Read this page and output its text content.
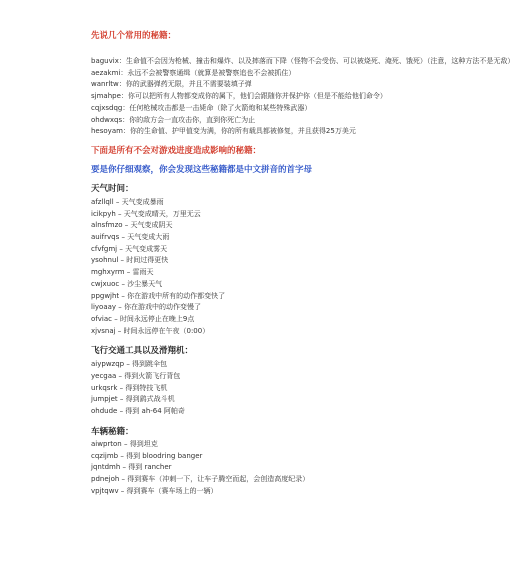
先说几个常用的秘籍：

baguvix：生命值不会因为枪械、撞击和爆炸、以及摔落而下降（怪物不会受伤、可以被烧死、淹死、饿死）（注意，这种方法不是无敌）

aezakmi：永远不会被警察通缉（就算是被警察追也不会被抓住）

wanrltw：你的武器弹药无限，并且不需要装填子弹

sjmahpe：你可以把所有人物都变成你的属下，他们会跟随你并保护你（但是不能给他们命令）

cqjxsdqg：任何枪械攻击都是一击毙命（除了火箭炮和某些特殊武器）

ohdwxqs：你的敌方会一直攻击你，直到你死亡为止

hesoyam：你的生命值、护甲值变为满，你的所有载具都被修复，并且获得25万美元

下面是所有不会对游戏进度造成影响的秘籍：

要是你仔细观察，你会发现这些秘籍都是中文拼音的首字母

天气时间：

afzllqll – 天气变成暴雨

icikpyh – 天气变成晴天，万里无云

alnsfmzo – 天气变成阴天

auifrvqs – 天气变成大雨

cfvfgmj – 天气变成雾天

ysohnul – 时间过得更快

mghxyrm – 雷雨天

cwjxuoc – 沙尘暴天气

ppgwjht – 你在游戏中所有的动作都变快了

liyoaay – 你在游戏中的动作变慢了

ofviac – 时间永远停止在晚上9点

xjvsnaj – 时间永远停在午夜（0:00）

飞行交通工具以及滑翔机：

aiypwzqp – 得到跳伞包

yecgaa – 得到火箭飞行背包

urkqsrk – 得到特技飞机

jumpjet – 得到鹞式战斗机

ohdude – 得到 ah-64 阿帕奇

车辆秘籍：

aiwprton – 得到坦克

cqzijmb – 得到 bloodring banger

jqntdmh – 得到 rancher

pdnejoh – 得到赛车（冲刺一下，让车子腾空而起，会创造高度纪录）

vpjtqwv – 得到赛车（赛车场上的一辆）
